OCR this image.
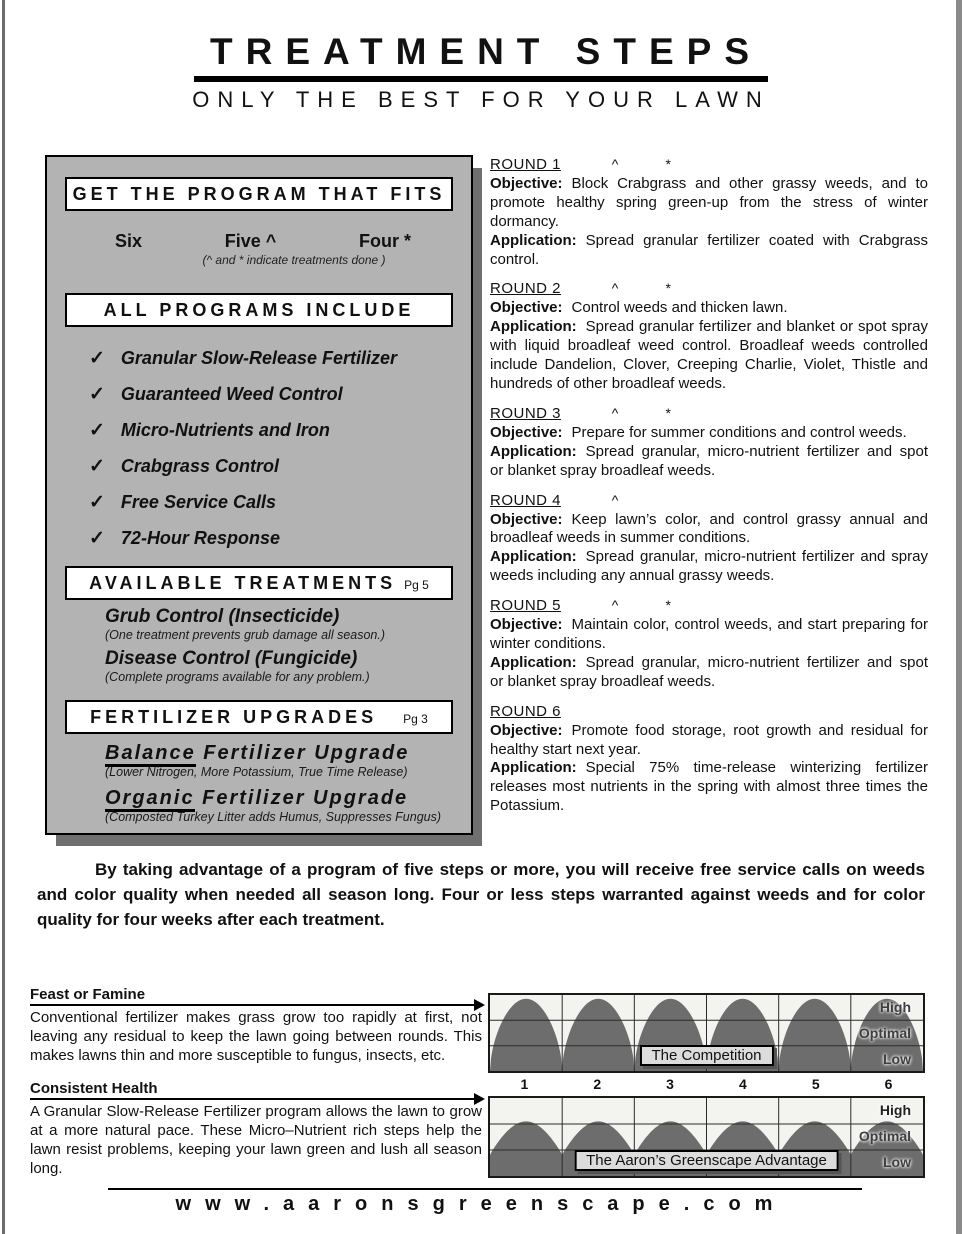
TREATMENT STEPS
ONLY THE BEST FOR YOUR LAWN
GET THE PROGRAM THAT FITS
Six	Five ^	Four *
(^ and * indicate treatments done )
ALL PROGRAMS INCLUDE
✓ Granular Slow-Release Fertilizer
✓ Guaranteed Weed Control
✓ Micro-Nutrients and Iron
✓ Crabgrass Control
✓ Free Service Calls
✓ 72-Hour Response
AVAILABLE TREATMENTS Pg 5
Grub Control (Insecticide)
(One treatment prevents grub damage all season.)
Disease Control (Fungicide)
(Complete programs available for any problem.)
FERTILIZER UPGRADES Pg 3
Balance Fertilizer Upgrade
(Lower Nitrogen, More Potassium, True Time Release)
Organic Fertilizer Upgrade
(Composted Turkey Litter adds Humus, Suppresses Fungus)
ROUND 1	^	*

Objective: Block Crabgrass and other grassy weeds, and to promote healthy spring green-up from the stress of winter dormancy.

Application: Spread granular fertilizer coated with Crabgrass control.

ROUND 2	^	*

Objective: Control weeds and thicken lawn.

Application: Spread granular fertilizer and blanket or spot spray with liquid broadleaf weed control. Broadleaf weeds controlled include Dandelion, Clover, Creeping Charlie, Violet, Thistle and hundreds of other broadleaf weeds.

ROUND 3	^	*

Objective: Prepare for summer conditions and control weeds.

Application: Spread granular, micro-nutrient fertilizer and spot or blanket spray broadleaf weeds.

ROUND 4	^

Objective: Keep lawn’s color, and control grassy annual and broadleaf weeds in summer conditions.

Application: Spread granular, micro-nutrient fertilizer and spray weeds including any annual grassy weeds.

ROUND 5	^	*

Objective: Maintain color, control weeds, and start preparing for winter conditions.

Application: Spread granular, micro-nutrient fertilizer and spot or blanket spray broadleaf weeds.

ROUND 6

Objective: Promote food storage, root growth and residual for healthy start next year.

Application: Special 75% time-release winterizing fertilizer releases most nutrients in the spring with almost three times the Potassium.

By taking advantage of a program of five steps or more, you will receive free service calls on weeds and color quality when needed all season long. Four or less steps warranted against weeds and for color quality for four weeks after each treatment.
Feast or Famine

Conventional fertilizer makes grass grow too rapidly at first, not leaving any residual to keep the lawn going between rounds. This makes lawns thin and more susceptible to fungus, insects, etc.

Consistent Health

A Granular Slow-Release Fertilizer program allows the lawn to grow at a more natural pace. These Micro–Nutrient rich steps help the lawn resist problems, keeping your lawn green and lush all season long.

High
Optimal
Low
The Competition
1	2	3	4	5	6
High
Optimal
Low
The Aaron’s Greenscape Advantage
www.aaronsgreenscape.com
